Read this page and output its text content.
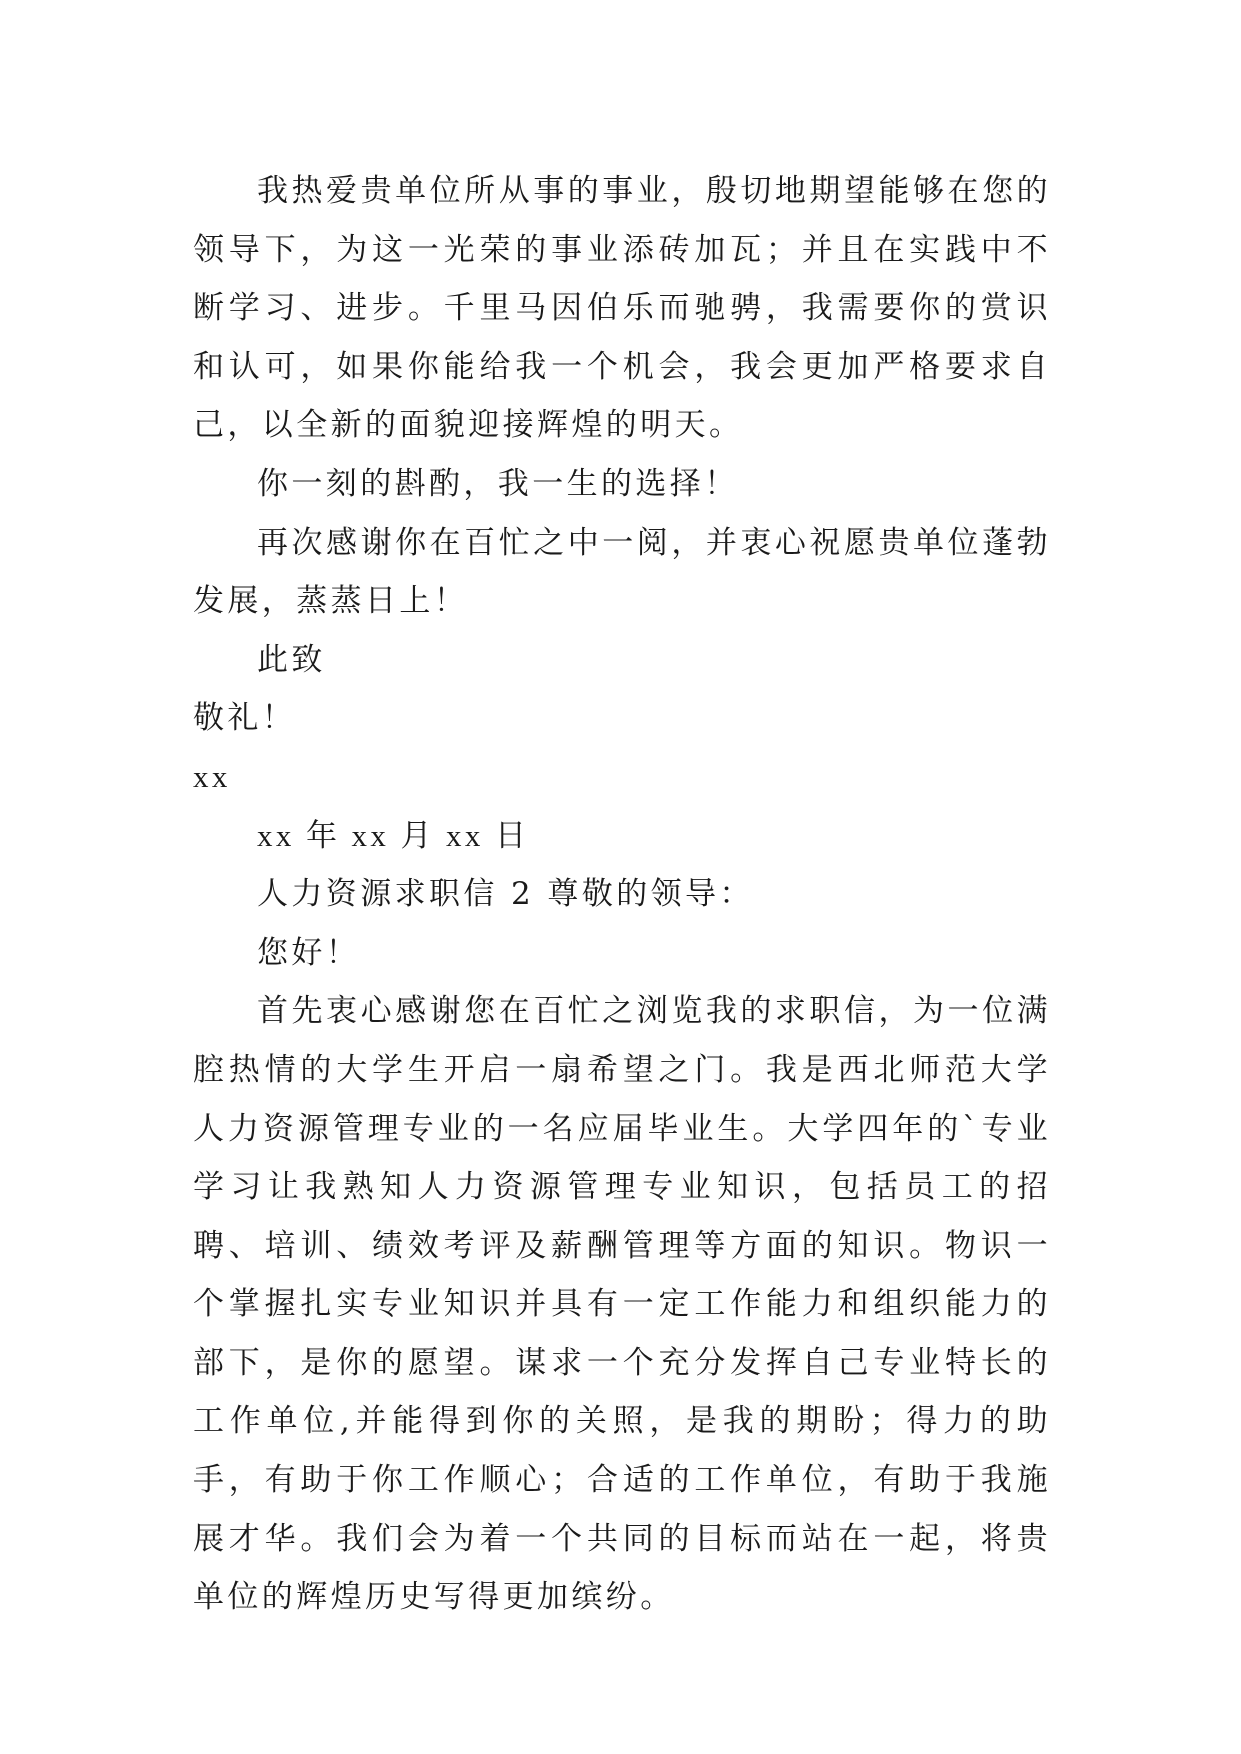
我热爱贵单位所从事的事业，殷切地期望能够在您的领导下，为这一光荣的事业添砖加瓦；并且在实践中不断学习、进步。千里马因伯乐而驰骋，我需要你的赏识和认可，如果你能给我一个机会，我会更加严格要求自己，以全新的面貌迎接辉煌的明天。

你一刻的斟酌，我一生的选择！

再次感谢你在百忙之中一阅，并衷心祝愿贵单位蓬勃发展，蒸蒸日上！

此致

敬礼！

xx

xx 年 xx 月 xx 日

人力资源求职信 2 尊敬的领导：

您好！

首先衷心感谢您在百忙之浏览我的求职信，为一位满腔热情的大学生开启一扇希望之门。我是西北师范大学人力资源管理专业的一名应届毕业生。大学四年的`专业学习让我熟知人力资源管理专业知识，包括员工的招聘、培训、绩效考评及薪酬管理等方面的知识。物识一个掌握扎实专业知识并具有一定工作能力和组织能力的部下，是你的愿望。谋求一个充分发挥自己专业特长的工作单位,并能得到你的关照，是我的期盼；得力的助手，有助于你工作顺心；合适的工作单位，有助于我施展才华。我们会为着一个共同的目标而站在一起，将贵单位的辉煌历史写得更加缤纷。
